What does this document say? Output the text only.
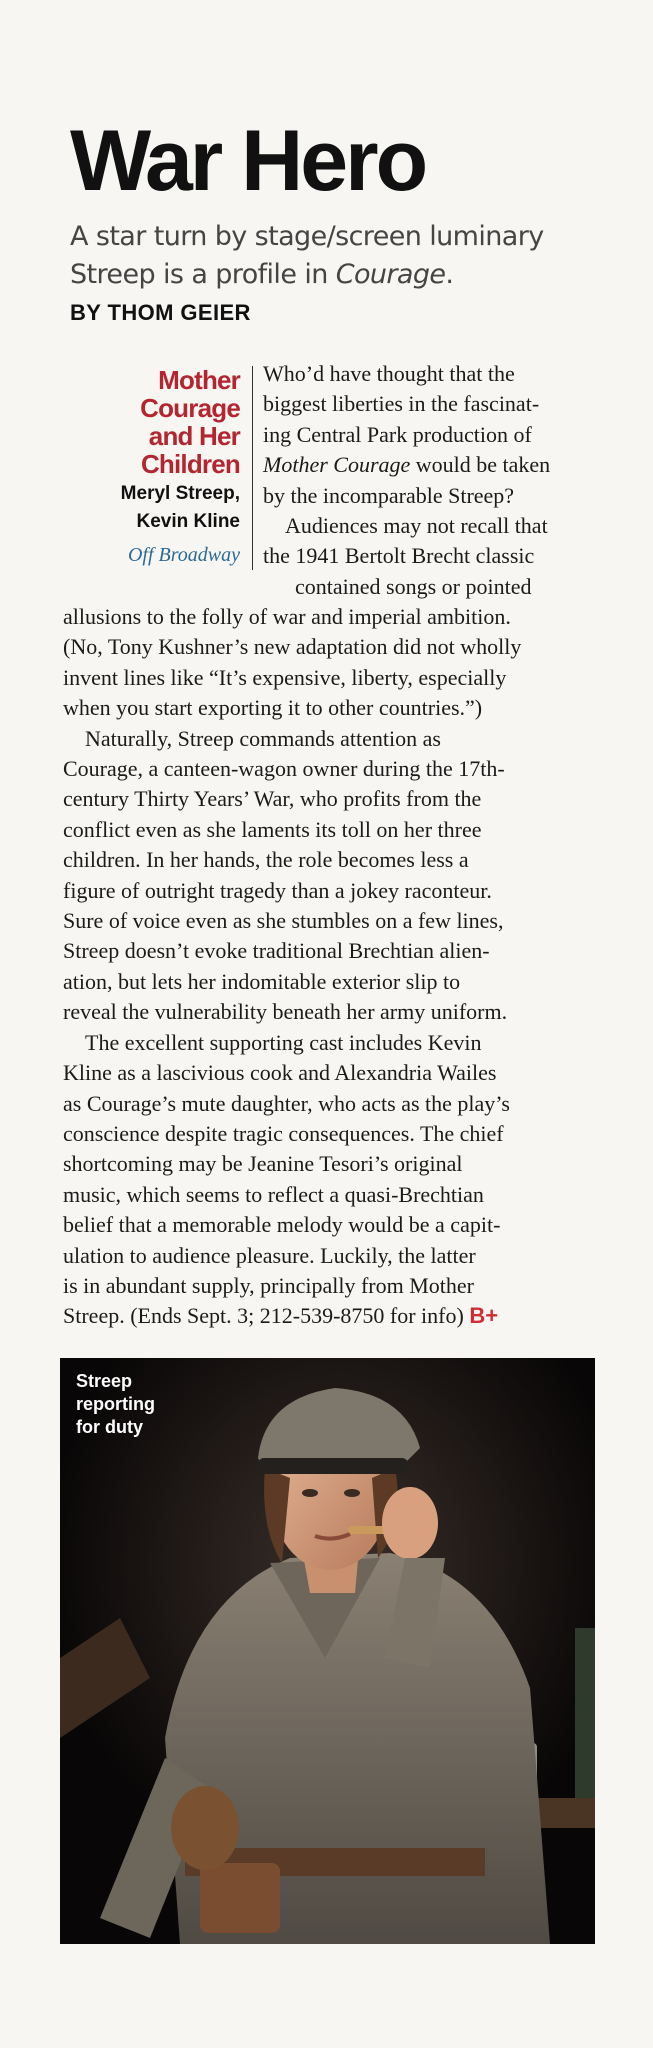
War Hero

A star turn by stage/screen luminary
Streep is a profile in Courage.

BY THOM GEIER
Mother
Courage
and Her
Children
Meryl Streep,
Kevin Kline
Off Broadway
Who’d have thought that the
biggest liberties in the fascinat-
ing Central Park production of
Mother Courage would be taken
by the incomparable Streep?
Audiences may not recall that
the 1941 Bertolt Brecht classic
contained songs or pointed
allusions to the folly of war and imperial ambition.
(No, Tony Kushner’s new adaptation did not wholly
invent lines like “It’s expensive, liberty, especially
when you start exporting it to other countries.”)
Naturally, Streep commands attention as
Courage, a canteen-wagon owner during the 17th-
century Thirty Years’ War, who profits from the
conflict even as she laments its toll on her three
children. In her hands, the role becomes less a
figure of outright tragedy than a jokey raconteur.
Sure of voice even as she stumbles on a few lines,
Streep doesn’t evoke traditional Brechtian alien-
ation, but lets her indomitable exterior slip to
reveal the vulnerability beneath her army uniform.
The excellent supporting cast includes Kevin
Kline as a lascivious cook and Alexandria Wailes
as Courage’s mute daughter, who acts as the play’s
conscience despite tragic consequences. The chief
shortcoming may be Jeanine Tesori’s original
music, which seems to reflect a quasi-Brechtian
belief that a memorable melody would be a capit-
ulation to audience pleasure. Luckily, the latter
is in abundant supply, principally from Mother
Streep. (Ends Sept. 3; 212-539-8750 for info) B+
Streep
reporting
for duty
